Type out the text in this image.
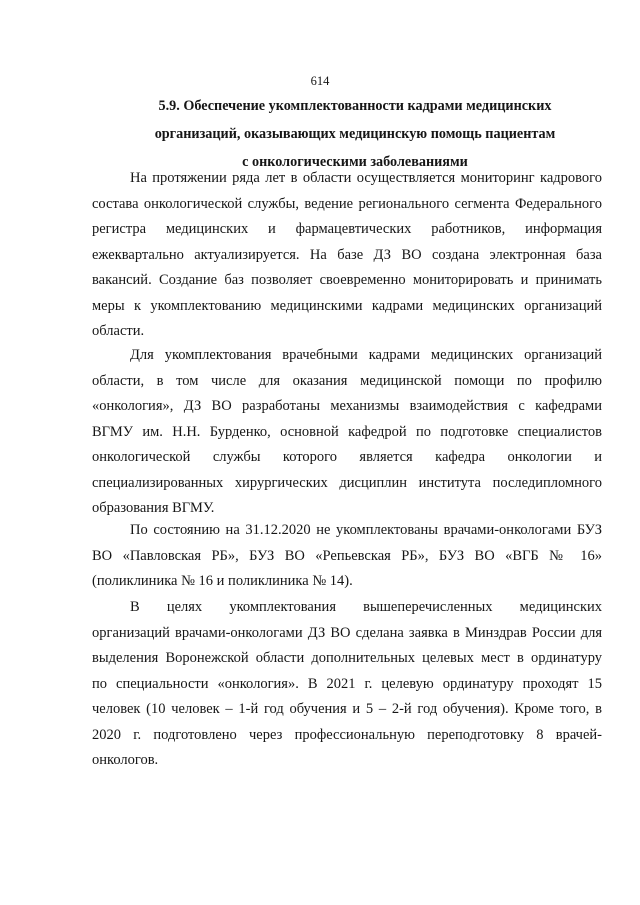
614
5.9. Обеспечение укомплектованности кадрами медицинских
организаций, оказывающих медицинскую помощь пациентам
с онкологическими заболеваниями
На протяжении ряда лет в области осуществляется мониторинг кадрового
состава онкологической службы, ведение регионального сегмента Федерального
регистра медицинских и фармацевтических работников, информация
ежеквартально актуализируется. На базе ДЗ ВО создана электронная база
вакансий. Создание баз позволяет своевременно мониторировать и принимать
меры к укомплектованию медицинскими кадрами медицинских организаций
области.
Для укомплектования врачебными кадрами медицинских организаций
области, в том числе для оказания медицинской помощи по профилю
«онкология», ДЗ ВО разработаны механизмы взаимодействия с кафедрами
ВГМУ им. Н.Н. Бурденко, основной кафедрой по подготовке специалистов
онкологической службы которого является кафедра онкологии и
специализированных хирургических дисциплин института последипломного
образования ВГМУ.
По состоянию на 31.12.2020 не укомплектованы врачами-онкологами БУЗ
ВО «Павловская РБ», БУЗ ВО «Репьевская РБ», БУЗ ВО «ВГБ № 16»
(поликлиника № 16 и поликлиника № 14).
В целях укомплектования вышеперечисленных медицинских
организаций врачами-онкологами ДЗ ВО сделана заявка в Минздрав России для
выделения Воронежской области дополнительных целевых мест в ординатуру
по специальности «онкология». В 2021 г. целевую ординатуру проходят 15
человек (10 человек – 1-й год обучения и 5 – 2-й год обучения). Кроме того, в
2020 г. подготовлено через профессиональную переподготовку 8 врачей-
онкологов.
